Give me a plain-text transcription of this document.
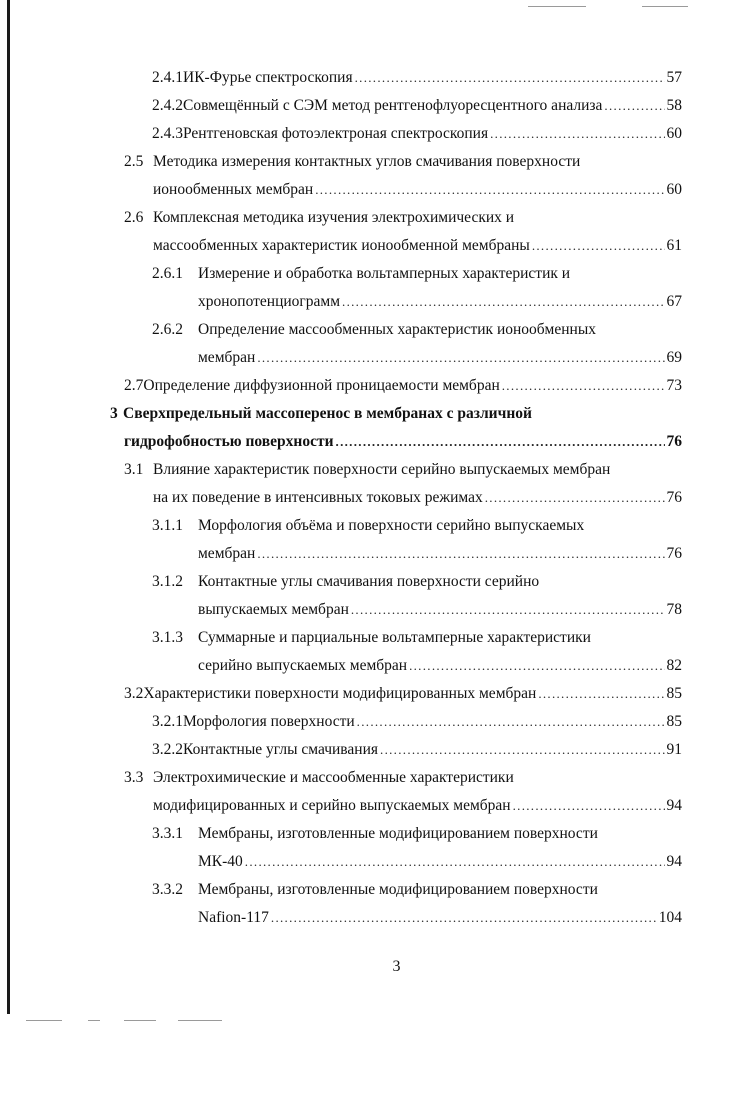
2.4.1 ИК-Фурье спектроскопия .....	57
2.4.2 Совмещённый с СЭМ метод рентгенофлуоресцентного анализа .....	58
2.4.3 Рентгеновская фотоэлектроная спектроскопия .....	60
2.5 Методика измерения контактных углов смачивания поверхности
ионообменных мембран .....	60
2.6 Комплексная методика изучения электрохимических и
массообменных характеристик ионообменной мембраны .....	61
2.6.1 Измерение и обработка вольтамперных характеристик и
хронопотенциограмм .....	67
2.6.2 Определение массообменных характеристик ионообменных
мембран .....	69
2.7 Определение диффузионной проницаемости мембран .....	73
3 Сверхпредельный массоперенос в мембранах с различной
гидрофобностью поверхности .....	76
3.1 Влияние характеристик поверхности серийно выпускаемых мембран
на их поведение в интенсивных токовых режимах .....	76
3.1.1 Морфология объёма и поверхности серийно выпускаемых
мембран .....	76
3.1.2 Контактные углы смачивания поверхности серийно
выпускаемых мембран .....	78
3.1.3 Суммарные и парциальные вольтамперные характеристики
серийно выпускаемых мембран .....	82
3.2 Характеристики поверхности модифицированных мембран .....	85
3.2.1 Морфология поверхности .....	85
3.2.2 Контактные углы смачивания .....	91
3.3 Электрохимические и массообменные характеристики
модифицированных и серийно выпускаемых мембран .....	94
3.3.1 Мембраны, изготовленные модифицированием поверхности
МК-40 .....	94
3.3.2 Мембраны, изготовленные модифицированием поверхности
Nafion-117 .....	104
3
